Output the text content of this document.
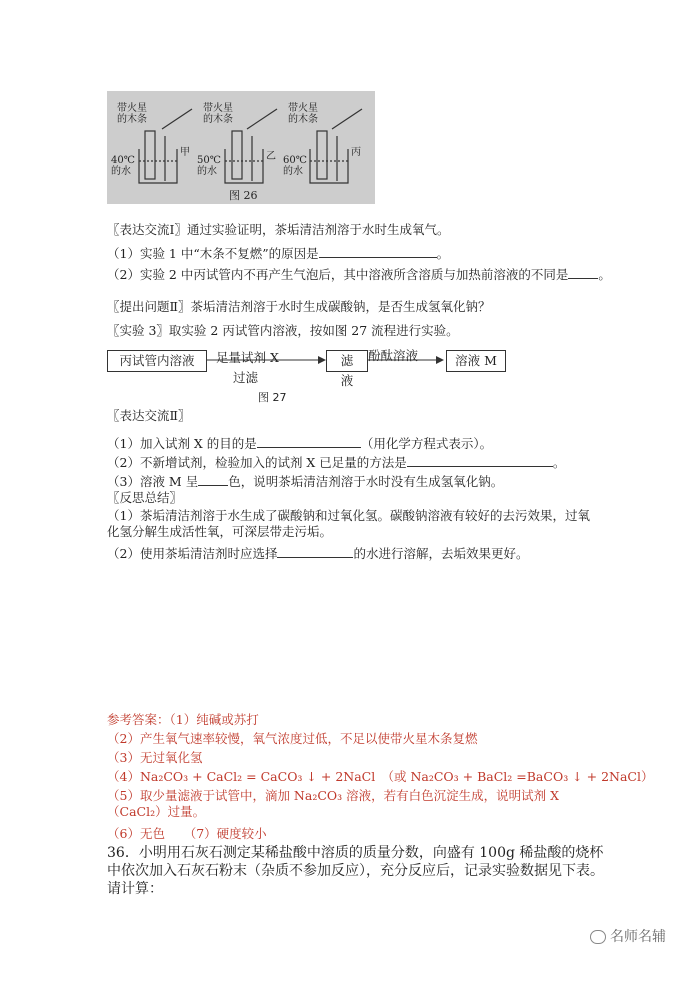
带火星的木条
带火星的木条
带火星的木条
40℃的水
50℃的水
60℃的水
甲	乙	丙
图 26
〖表达交流Ⅰ〗通过实验证明，茶垢清洁剂溶于水时生成氧气。
（1）实验 1 中“木条不复燃”的原因是	。
（2）实验 2 中丙试管内不再产生气泡后，其中溶液所含溶质与加热前溶液的不同是 。
〖提出问题Ⅱ〗茶垢清洁剂溶于水时生成碳酸钠，是否生成氢氧化钠？
〖实验 3〗取实验 2 丙试管内溶液，按如图 27 流程进行实验。
丙试管内溶液	足量试剂 X
过滤
滤液
酚酞溶液	溶液 M
图 27
〖表达交流Ⅱ〗
（1）加入试剂 X 的目的是	（用化学方程式表示）。
（2）不新增试剂，检验加入的试剂 X 已足量的方法是	。
（3）溶液 M 呈 色，说明茶垢清洁剂溶于水时没有生成氢氧化钠。
〖反思总结〗
（1）茶垢清洁剂溶于水生成了碳酸钠和过氧化氢。碳酸钠溶液有较好的去污效果，过氧化氢分解生成活性氧，可深层带走污垢。
（2）使用茶垢清洁剂时应选择	的水进行溶解，去垢效果更好。
参考答案：（1）纯碱或苏打
（2）产生氧气速率较慢，氧气浓度过低，不足以使带火星木条复燃
（3）无过氧化氢
（4）Na₂CO₃ + CaCl₂ = CaCO₃ ↓ + 2NaCl　（或 Na₂CO₃ + BaCl₂ =BaCO₃ ↓ + 2NaCl）
（5）取少量滤液于试管中，滴加 Na₂CO₃ 溶液，若有白色沉淀生成，说明试剂 X（CaCl₂）过量。
（6）无色　　（7）硬度较小
36．小明用石灰石测定某稀盐酸中溶质的质量分数，向盛有 100g 稀盐酸的烧杯中依次加入石灰石粉末（杂质不参加反应），充分反应后，记录实验数据见下表。请计算：
名师名辅
